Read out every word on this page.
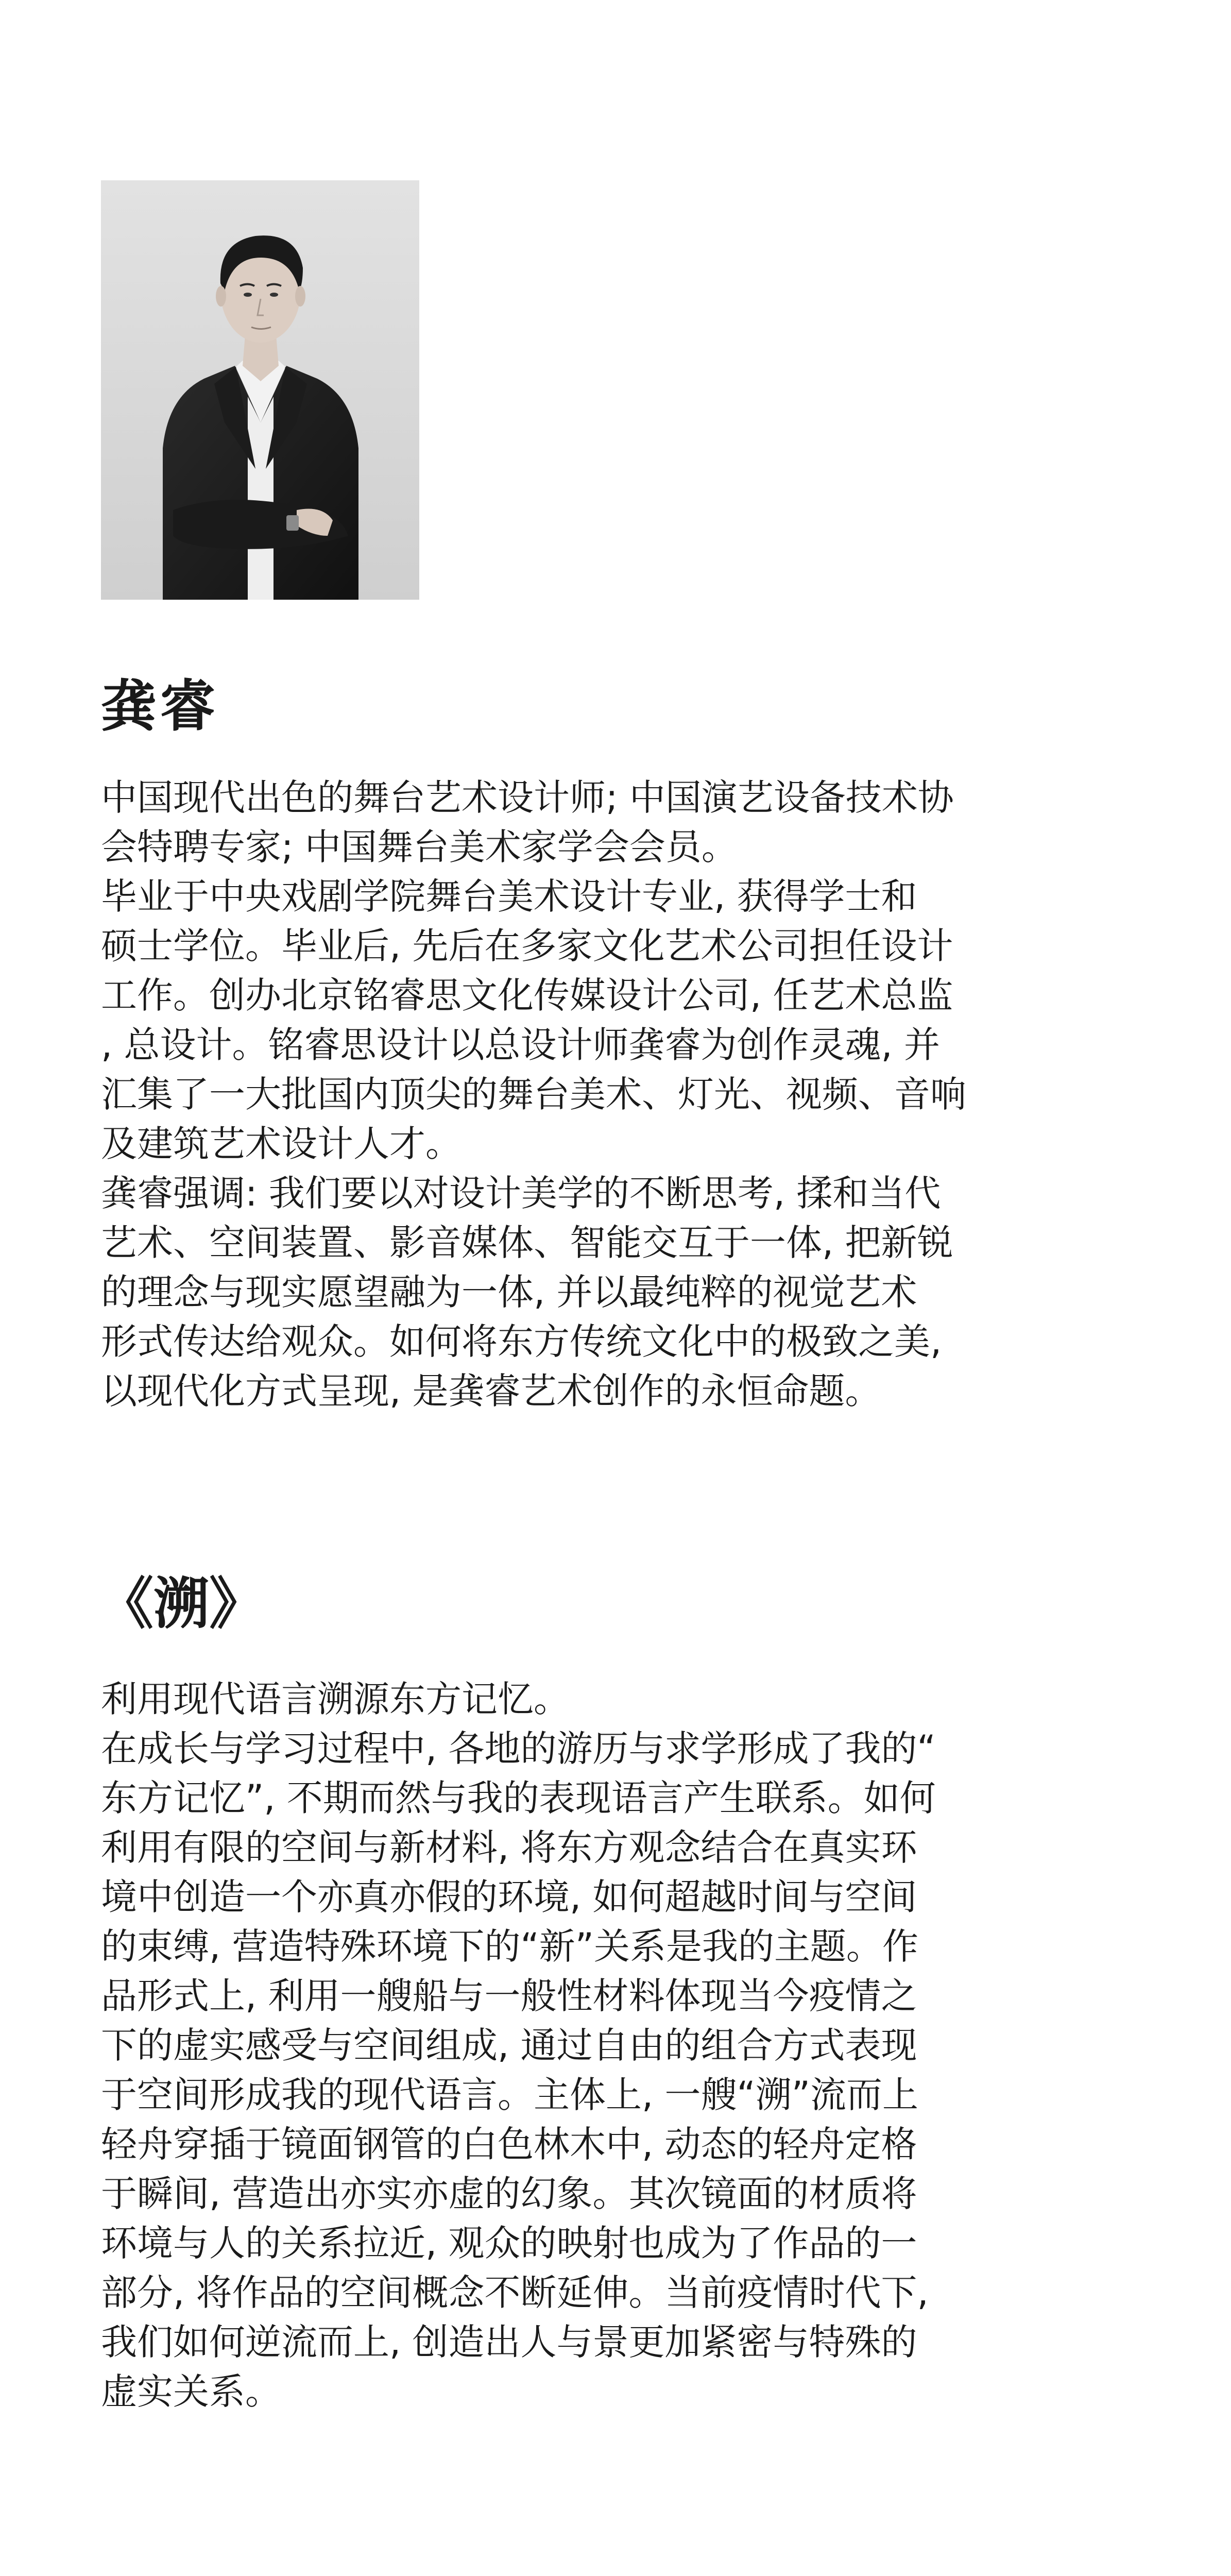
龚睿

中国现代出色的舞台艺术设计师; 中国演艺设备技术协
会特聘专家; 中国舞台美术家学会会员。

毕业于中央戏剧学院舞台美术设计专业, 获得学士和
硕士学位。毕业后, 先后在多家文化艺术公司担任设计
工作。创办北京铭睿思文化传媒设计公司, 任艺术总监
, 总设计。铭睿思设计以总设计师龚睿为创作灵魂, 并
汇集了一大批国内顶尖的舞台美术、灯光、视频、音响
及建筑艺术设计人才。

龚睿强调: 我们要以对设计美学的不断思考, 揉和当代
艺术、空间装置、影音媒体、智能交互于一体, 把新锐
的理念与现实愿望融为一体, 并以最纯粹的视觉艺术
形式传达给观众。如何将东方传统文化中的极致之美,
以现代化方式呈现, 是龚睿艺术创作的永恒命题。

《溯》

利用现代语言溯源东方记忆。

在成长与学习过程中, 各地的游历与求学形成了我的“
东方记忆”, 不期而然与我的表现语言产生联系。如何
利用有限的空间与新材料, 将东方观念结合在真实环
境中创造一个亦真亦假的环境, 如何超越时间与空间
的束缚, 营造特殊环境下的“新”关系是我的主题。作
品形式上, 利用一艘船与一般性材料体现当今疫情之
下的虚实感受与空间组成, 通过自由的组合方式表现
于空间形成我的现代语言。主体上, 一艘“溯”流而上
轻舟穿插于镜面钢管的白色林木中, 动态的轻舟定格
于瞬间, 营造出亦实亦虚的幻象。其次镜面的材质将
环境与人的关系拉近, 观众的映射也成为了作品的一
部分, 将作品的空间概念不断延伸。当前疫情时代下,
我们如何逆流而上, 创造出人与景更加紧密与特殊的
虚实关系。
